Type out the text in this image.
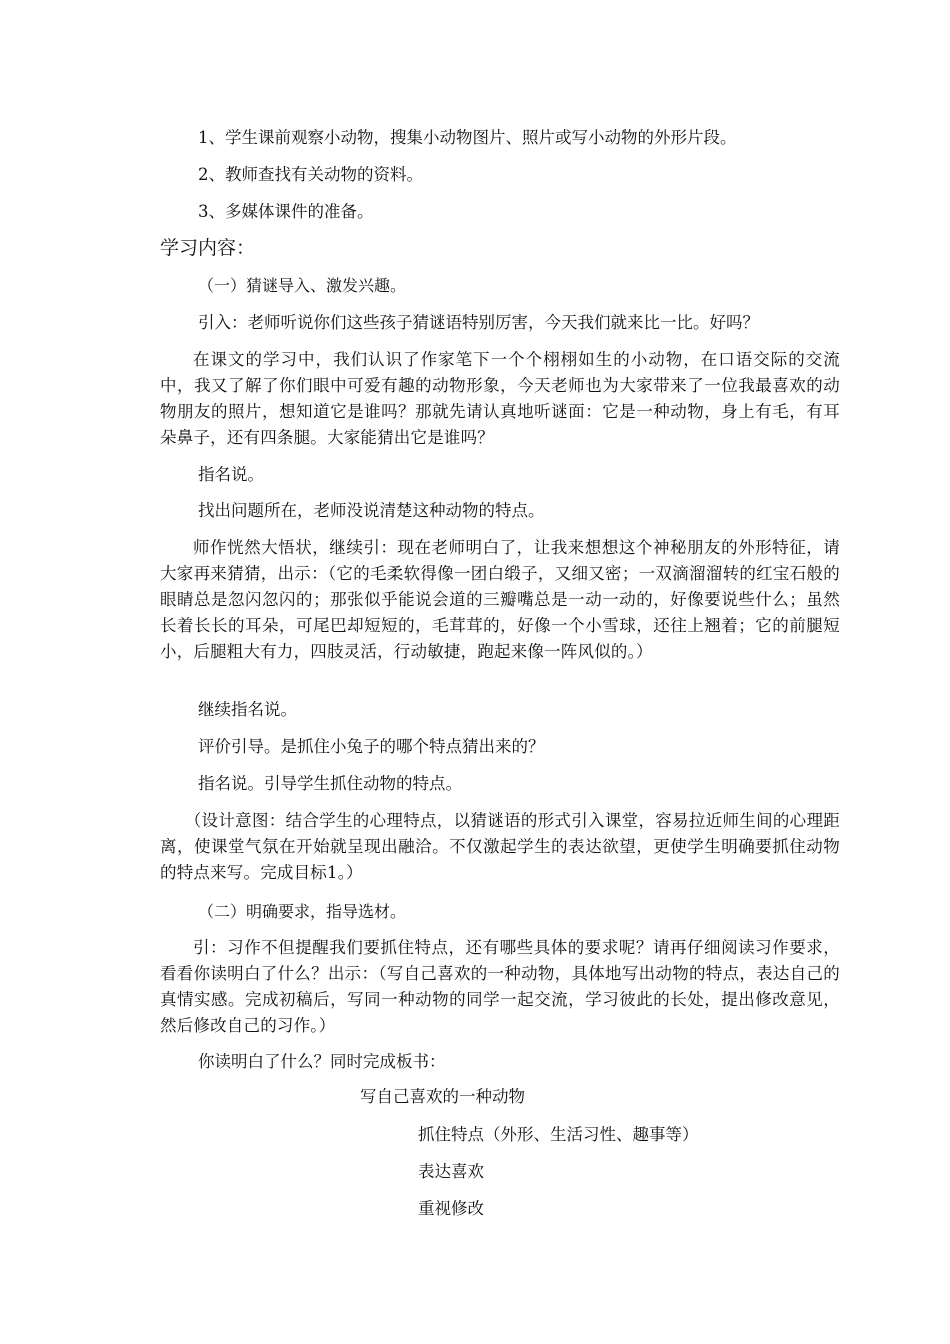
1、学生课前观察小动物，搜集小动物图片、照片或写小动物的外形片段。
2、教师查找有关动物的资料。
3、多媒体课件的准备。
学习内容：
（一）猜谜导入、激发兴趣。
引入：老师听说你们这些孩子猜谜语特别厉害，今天我们就来比一比。好吗？
在课文的学习中，我们认识了作家笔下一个个栩栩如生的小动物，在口语交际的交流中，我又了解了你们眼中可爱有趣的动物形象，今天老师也为大家带来了一位我最喜欢的动物朋友的照片，想知道它是谁吗？那就先请认真地听谜面：它是一种动物，身上有毛，有耳朵鼻子，还有四条腿。大家能猜出它是谁吗？
指名说。
找出问题所在，老师没说清楚这种动物的特点。
师作恍然大悟状，继续引：现在老师明白了，让我来想想这个神秘朋友的外形特征，请大家再来猜猜，出示：（它的毛柔软得像一团白缎子，又细又密；一双滴溜溜转的红宝石般的眼睛总是忽闪忽闪的；那张似乎能说会道的三瓣嘴总是一动一动的，好像要说些什么；虽然长着长长的耳朵，可尾巴却短短的，毛茸茸的，好像一个小雪球，还往上翘着；它的前腿短小，后腿粗大有力，四肢灵活，行动敏捷，跑起来像一阵风似的。）
继续指名说。
评价引导。是抓住小兔子的哪个特点猜出来的？
指名说。引导学生抓住动物的特点。
（设计意图：结合学生的心理特点，以猜谜语的形式引入课堂，容易拉近师生间的心理距离，使课堂气氛在开始就呈现出融洽。不仅激起学生的表达欲望，更使学生明确要抓住动物的特点来写。完成目标1。）
（二）明确要求，指导选材。
引：习作不但提醒我们要抓住特点，还有哪些具体的要求呢？请再仔细阅读习作要求，看看你读明白了什么？出示：（写自己喜欢的一种动物，具体地写出动物的特点，表达自己的真情实感。完成初稿后，写同一种动物的同学一起交流，学习彼此的长处，提出修改意见，然后修改自己的习作。）
你读明白了什么？同时完成板书：
写自己喜欢的一种动物
抓住特点（外形、生活习性、趣事等）
表达喜欢
重视修改
